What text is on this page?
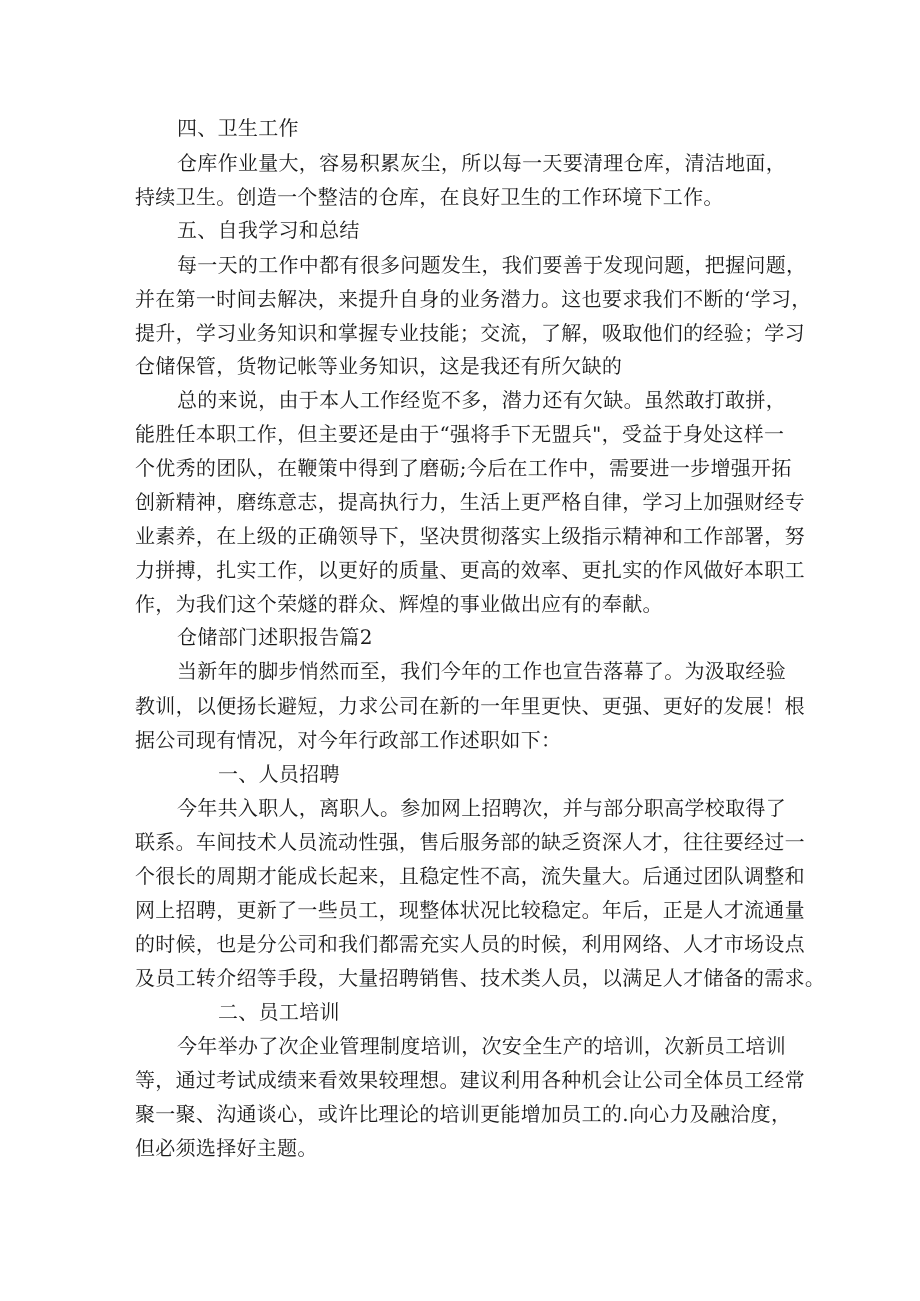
四、卫生工作
仓库作业量大，容易积累灰尘，所以每一天要清理仓库，清洁地面，
持续卫生。创造一个整洁的仓库，在良好卫生的工作环境下工作。
五、自我学习和总结
每一天的工作中都有很多问题发生，我们要善于发现问题，把握问题，
并在第一时间去解决，来提升自身的业务潜力。这也要求我们不断的‘学习，
提升，学习业务知识和掌握专业技能；交流，了解，吸取他们的经验；学习
仓储保管，货物记帐等业务知识，这是我还有所欠缺的
总的来说，由于本人工作经览不多，潜力还有欠缺。虽然敢打敢拼，
能胜任本职工作，但主要还是由于“强将手下无盟兵"，受益于身处这样一
个优秀的团队，在鞭策中得到了磨砺;今后在工作中，需要进一步增强开拓
创新精神，磨练意志，提高执行力，生活上更严格自律，学习上加强财经专
业素养，在上级的正确领导下，坚决贯彻落实上级指示精神和工作部署，努
力拼搏，扎实工作，以更好的质量、更高的效率、更扎实的作风做好本职工
作，为我们这个荣燧的群众、辉煌的事业做出应有的奉献。
仓储部门述职报告篇2
当新年的脚步悄然而至，我们今年的工作也宣告落幕了。为汲取经验
教训，以便扬长避短，力求公司在新的一年里更快、更强、更好的发展！根
据公司现有情况，对今年行政部工作述职如下：
一、人员招聘
今年共入职人，离职人。参加网上招聘次，并与部分职高学校取得了
联系。车间技术人员流动性强，售后服务部的缺乏资深人才，往往要经过一
个很长的周期才能成长起来，且稳定性不高，流失量大。后通过团队调整和
网上招聘，更新了一些员工，现整体状况比较稳定。年后，正是人才流通量
的时候，也是分公司和我们都需充实人员的时候，利用网络、人才市场设点
及员工转介绍等手段，大量招聘销售、技术类人员，以满足人才储备的需求。
二、员工培训
今年举办了次企业管理制度培训，次安全生产的培训，次新员工培训
等，通过考试成绩来看效果较理想。建议利用各种机会让公司全体员工经常
聚一聚、沟通谈心，或许比理论的培训更能增加员工的.向心力及融洽度，
但必须选择好主题。
